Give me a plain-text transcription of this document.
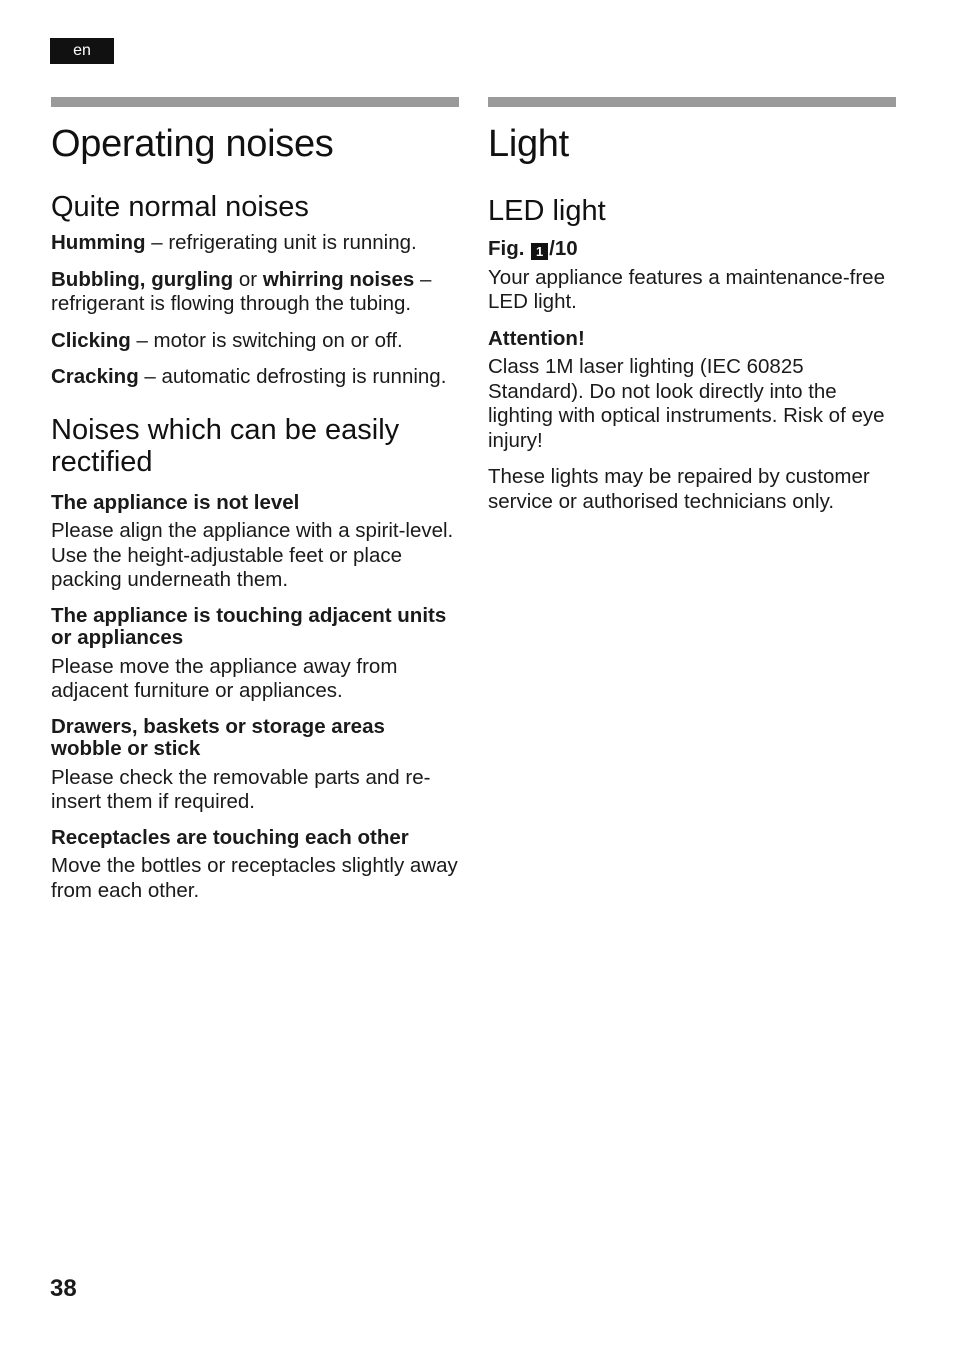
en
Operating noises
Quite normal noises

Humming – refrigerating unit is running.

Bubbling, gurgling or whirring noises – refrigerant is flowing through the tubing.

Clicking – motor is switching on or off.

Cracking – automatic defrosting is running.

Noises which can be easily rectified

The appliance is not level

Please align the appliance with a spirit-level. Use the height-adjustable feet or place packing underneath them.

The appliance is touching adjacent units or appliances

Please move the appliance away from adjacent furniture or appliances.

Drawers, baskets or storage areas wobble or stick

Please check the removable parts and re-insert them if required.

Receptacles are touching each other

Move the bottles or receptacles slightly away from each other.

Light
LED light

Fig. 1 /10

Your appliance features a maintenance-free LED light.

Attention!

Class 1M laser lighting (IEC 60825 Standard). Do not look directly into the lighting with optical instruments. Risk of eye injury!

These lights may be repaired by customer service or authorised technicians only.

38
